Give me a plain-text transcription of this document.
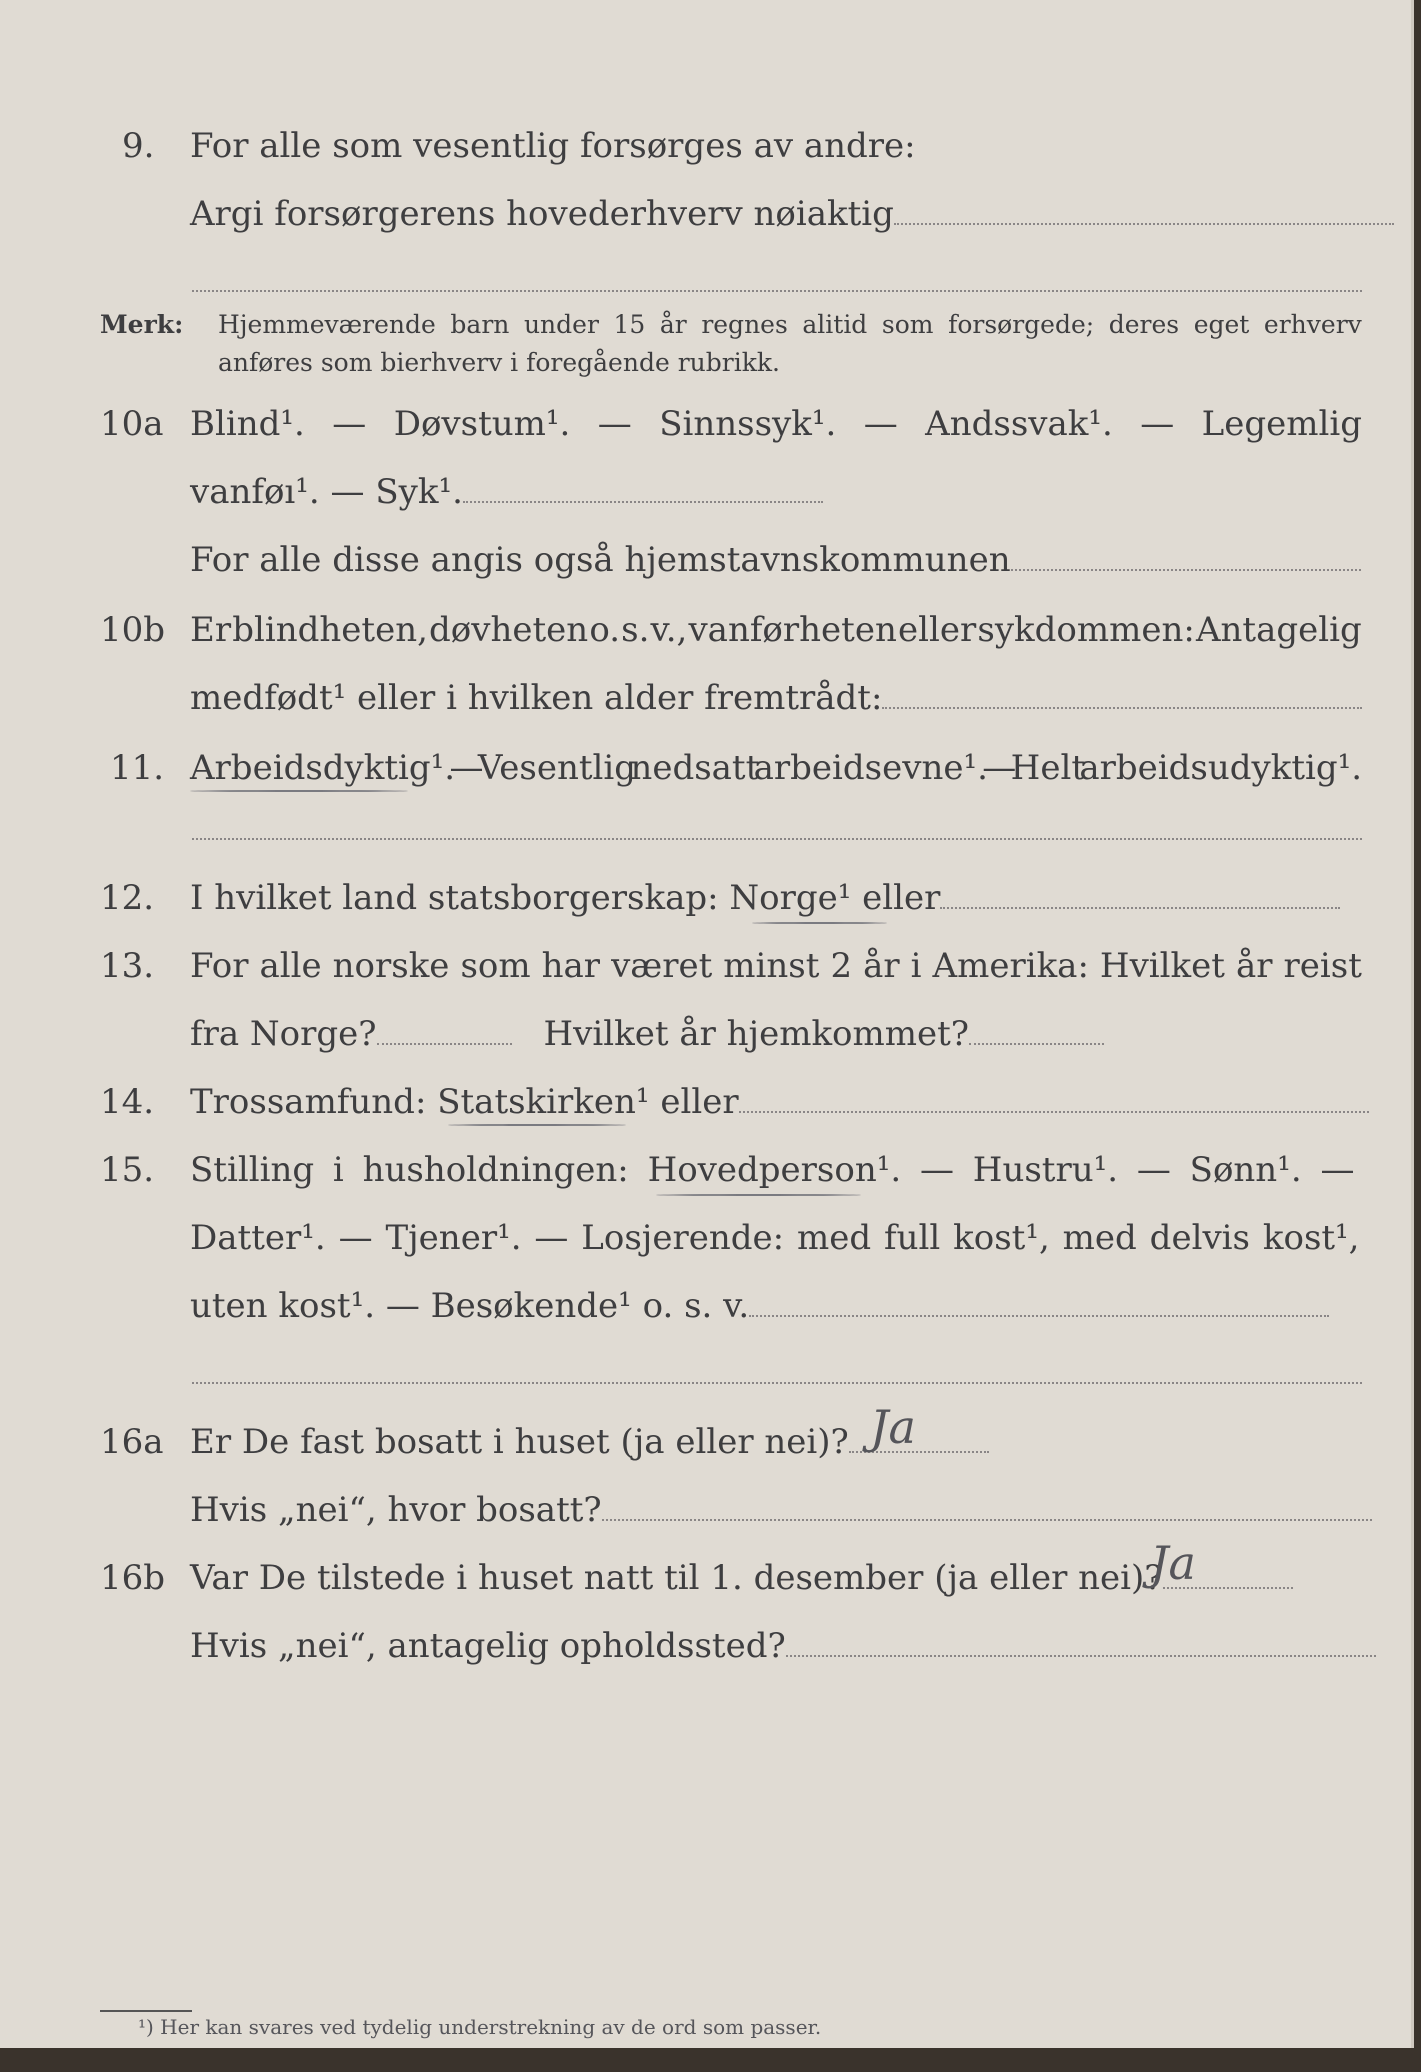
9. For alle som vesentlig forsørges av andre:
Argi forsørgerens hovederhverv nøiaktig
Merk: Hjemmeværende barn under 15 år regnes alitid som forsørgede; deres eget erhverv
anføres som bierhverv i foregående rubrikk.
10a Blind¹. — Døvstum¹. — Sinnssyk¹. — Andssvak¹. — Legemlig
vanføı¹. — Syk¹.
For alle disse angis også hjemstavnskommunen
10b Er blindheten, døvheten o. s. v., vanførheten eller sykdommen: Antagelig
medfødt¹ eller i hvilken alder fremtrådt:
11. Arbeidsdyktig¹. — Vesentlig nedsatt arbeidsevne¹. — Helt arbeidsudyktig¹.
12. I hvilket land statsborgerskap: Norge¹ eller
13. For alle norske som har været minst 2 år i Amerika: Hvilket år reist
fra Norge?	Hvilket år hjemkommet?
14. Trossamfund: Statskirken¹ eller
15. Stilling i husholdningen: Hovedperson¹. — Hustru¹. — Sønn¹. —
Datter¹. — Tjener¹. — Losjerende: med full kost¹, med delvis kost¹,
uten kost¹. — Besøkende¹ o. s. v.
16a Er De fast bosatt i huset (ja eller nei)? Ja
Hvis „nei“, hvor bosatt?
16b Var De tilstede i huset natt til 1. desember (ja eller nei)?
Ja
Hvis „nei“, antagelig opholdssted?
¹) Her kan svares ved tydelig understrekning av de ord som passer.
